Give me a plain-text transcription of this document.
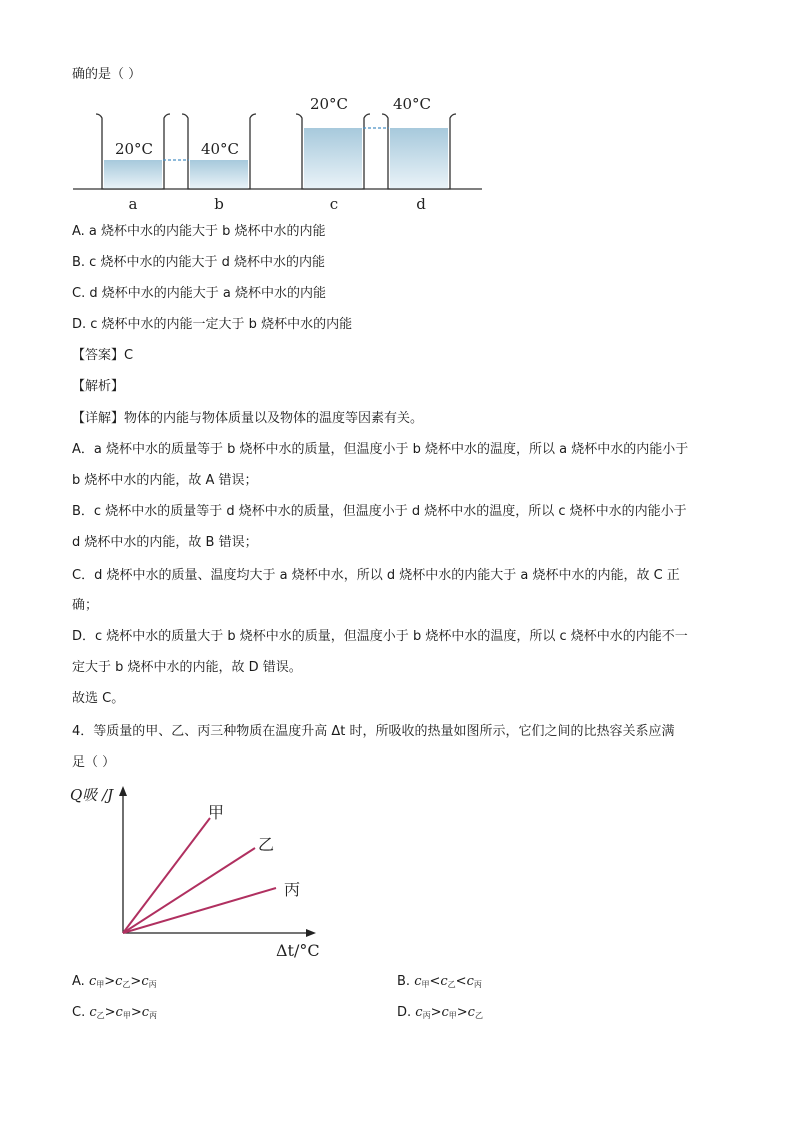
确的是（ ）
20°C	40°C
20°C	40°C
a	b	c	d
A. a 烧杯中水的内能大于 b 烧杯中水的内能
B. c 烧杯中水的内能大于 d 烧杯中水的内能
C. d 烧杯中水的内能大于 a 烧杯中水的内能
D. c 烧杯中水的内能一定大于 b 烧杯中水的内能
【答案】C
【解析】
【详解】物体的内能与物体质量以及物体的温度等因素有关。
A．a 烧杯中水的质量等于 b 烧杯中水的质量，但温度小于 b 烧杯中水的温度，所以 a 烧杯中水的内能小于
b 烧杯中水的内能，故 A 错误；
B．c 烧杯中水的质量等于 d 烧杯中水的质量，但温度小于 d 烧杯中水的温度，所以 c 烧杯中水的内能小于
d 烧杯中水的内能，故 B 错误；
C．d 烧杯中水的质量、温度均大于 a 烧杯中水，所以 d 烧杯中水的内能大于 a 烧杯中水的内能，故 C 正
确；
D．c 烧杯中水的质量大于 b 烧杯中水的质量，但温度小于 b 烧杯中水的温度，所以 c 烧杯中水的内能不一
定大于 b 烧杯中水的内能，故 D 错误。
故选 C。
4．等质量的甲、乙、丙三种物质在温度升高 Δt 时，所吸收的热量如图所示，它们之间的比热容关系应满
足（ ）
甲
乙
丙
Q吸 /J
Δt/°C
A. $c_甲>c_乙>c_丙$	B. $c_甲<c_乙<c_丙$
C. $c_乙>c_甲>c_丙$	D. $c_丙>c_甲>c_乙$
